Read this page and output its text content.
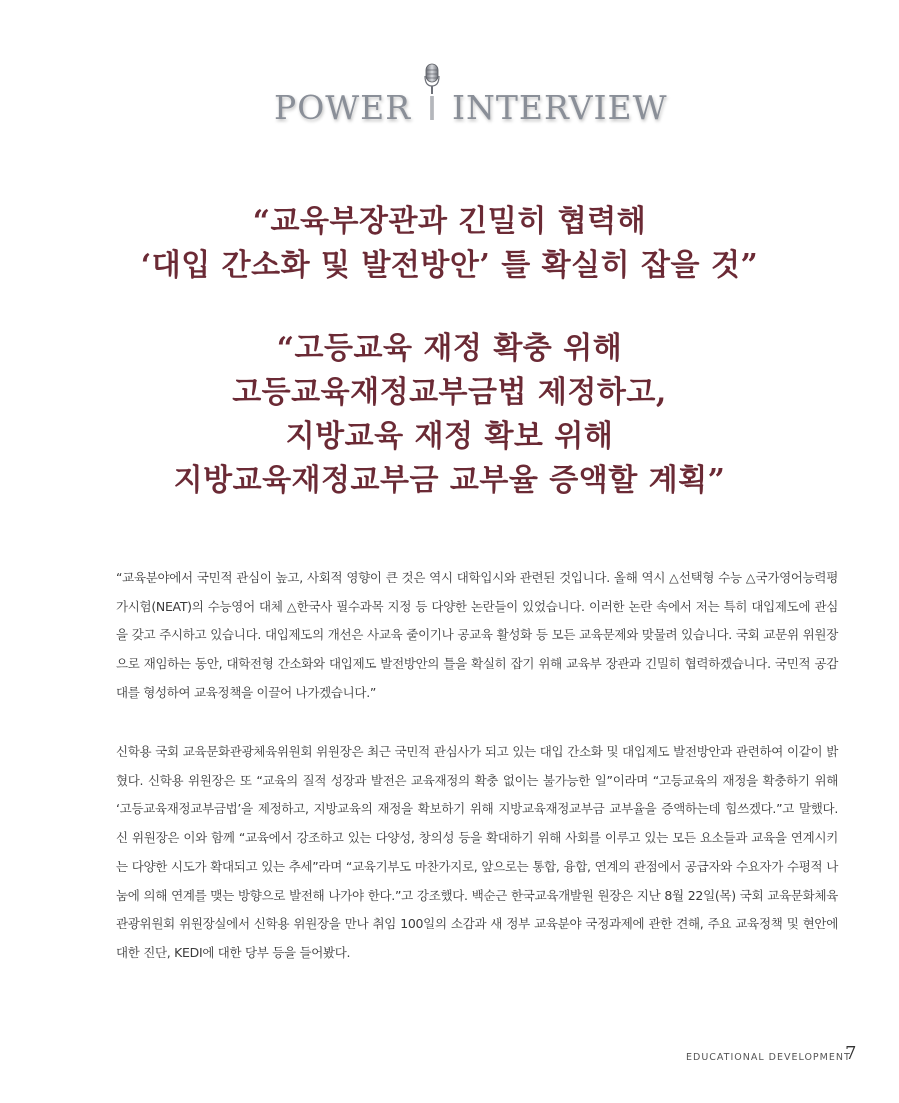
POWER INTERVIEW
“교육부장관과 긴밀히 협력해
‘대입 간소화 및 발전방안’ 틀 확실히 잡을 것”
“고등교육 재정 확충 위해
고등교육재정교부금법 제정하고,
지방교육 재정 확보 위해
지방교육재정교부금 교부율 증액할 계획”

“교육분야에서 국민적 관심이 높고, 사회적 영향이 큰 것은 역시 대학입시와 관련된 것입니다. 올해 역시 △선택형 수능 △국가영어능력평가시험(NEAT)의 수능영어 대체 △한국사 필수과목 지정 등 다양한 논란들이 있었습니다. 이러한 논란 속에서 저는 특히 대입제도에 관심을 갖고 주시하고 있습니다. 대입제도의 개선은 사교육 줄이기나 공교육 활성화 등 모든 교육문제와 맞물려 있습니다. 국회 교문위 위원장으로 재임하는 동안, 대학전형 간소화와 대입제도 발전방안의 틀을 확실히 잡기 위해 교육부 장관과 긴밀히 협력하겠습니다. 국민적 공감대를 형성하여 교육정책을 이끌어 나가겠습니다.”

신학용 국회 교육문화관광체육위원회 위원장은 최근 국민적 관심사가 되고 있는 대입 간소화 및 대입제도 발전방안과 관련하여 이같이 밝혔다. 신학용 위원장은 또 “교육의 질적 성장과 발전은 교육재정의 확충 없이는 불가능한 일”이라며 “고등교육의 재정을 확충하기 위해 ‘고등교육재정교부금법’을 제정하고, 지방교육의 재정을 확보하기 위해 지방교육재정교부금 교부율을 증액하는데 힘쓰겠다.”고 말했다. 신 위원장은 이와 함께 “교육에서 강조하고 있는 다양성, 창의성 등을 확대하기 위해 사회를 이루고 있는 모든 요소들과 교육을 연계시키는 다양한 시도가 확대되고 있는 추세”라며 “교육기부도 마찬가지로, 앞으로는 통합, 융합, 연계의 관점에서 공급자와 수요자가 수평적 나눔에 의해 연계를 맺는 방향으로 발전해 나가야 한다.”고 강조했다. 백순근 한국교육개발원 원장은 지난 8월 22일(목) 국회 교육문화체육관광위원회 위원장실에서 신학용 위원장을 만나 취임 100일의 소감과 새 정부 교육분야 국정과제에 관한 견해, 주요 교육정책 및 현안에 대한 진단, KEDI에 대한 당부 등을 들어봤다.

EDUCATIONAL DEVELOPMENT
7
